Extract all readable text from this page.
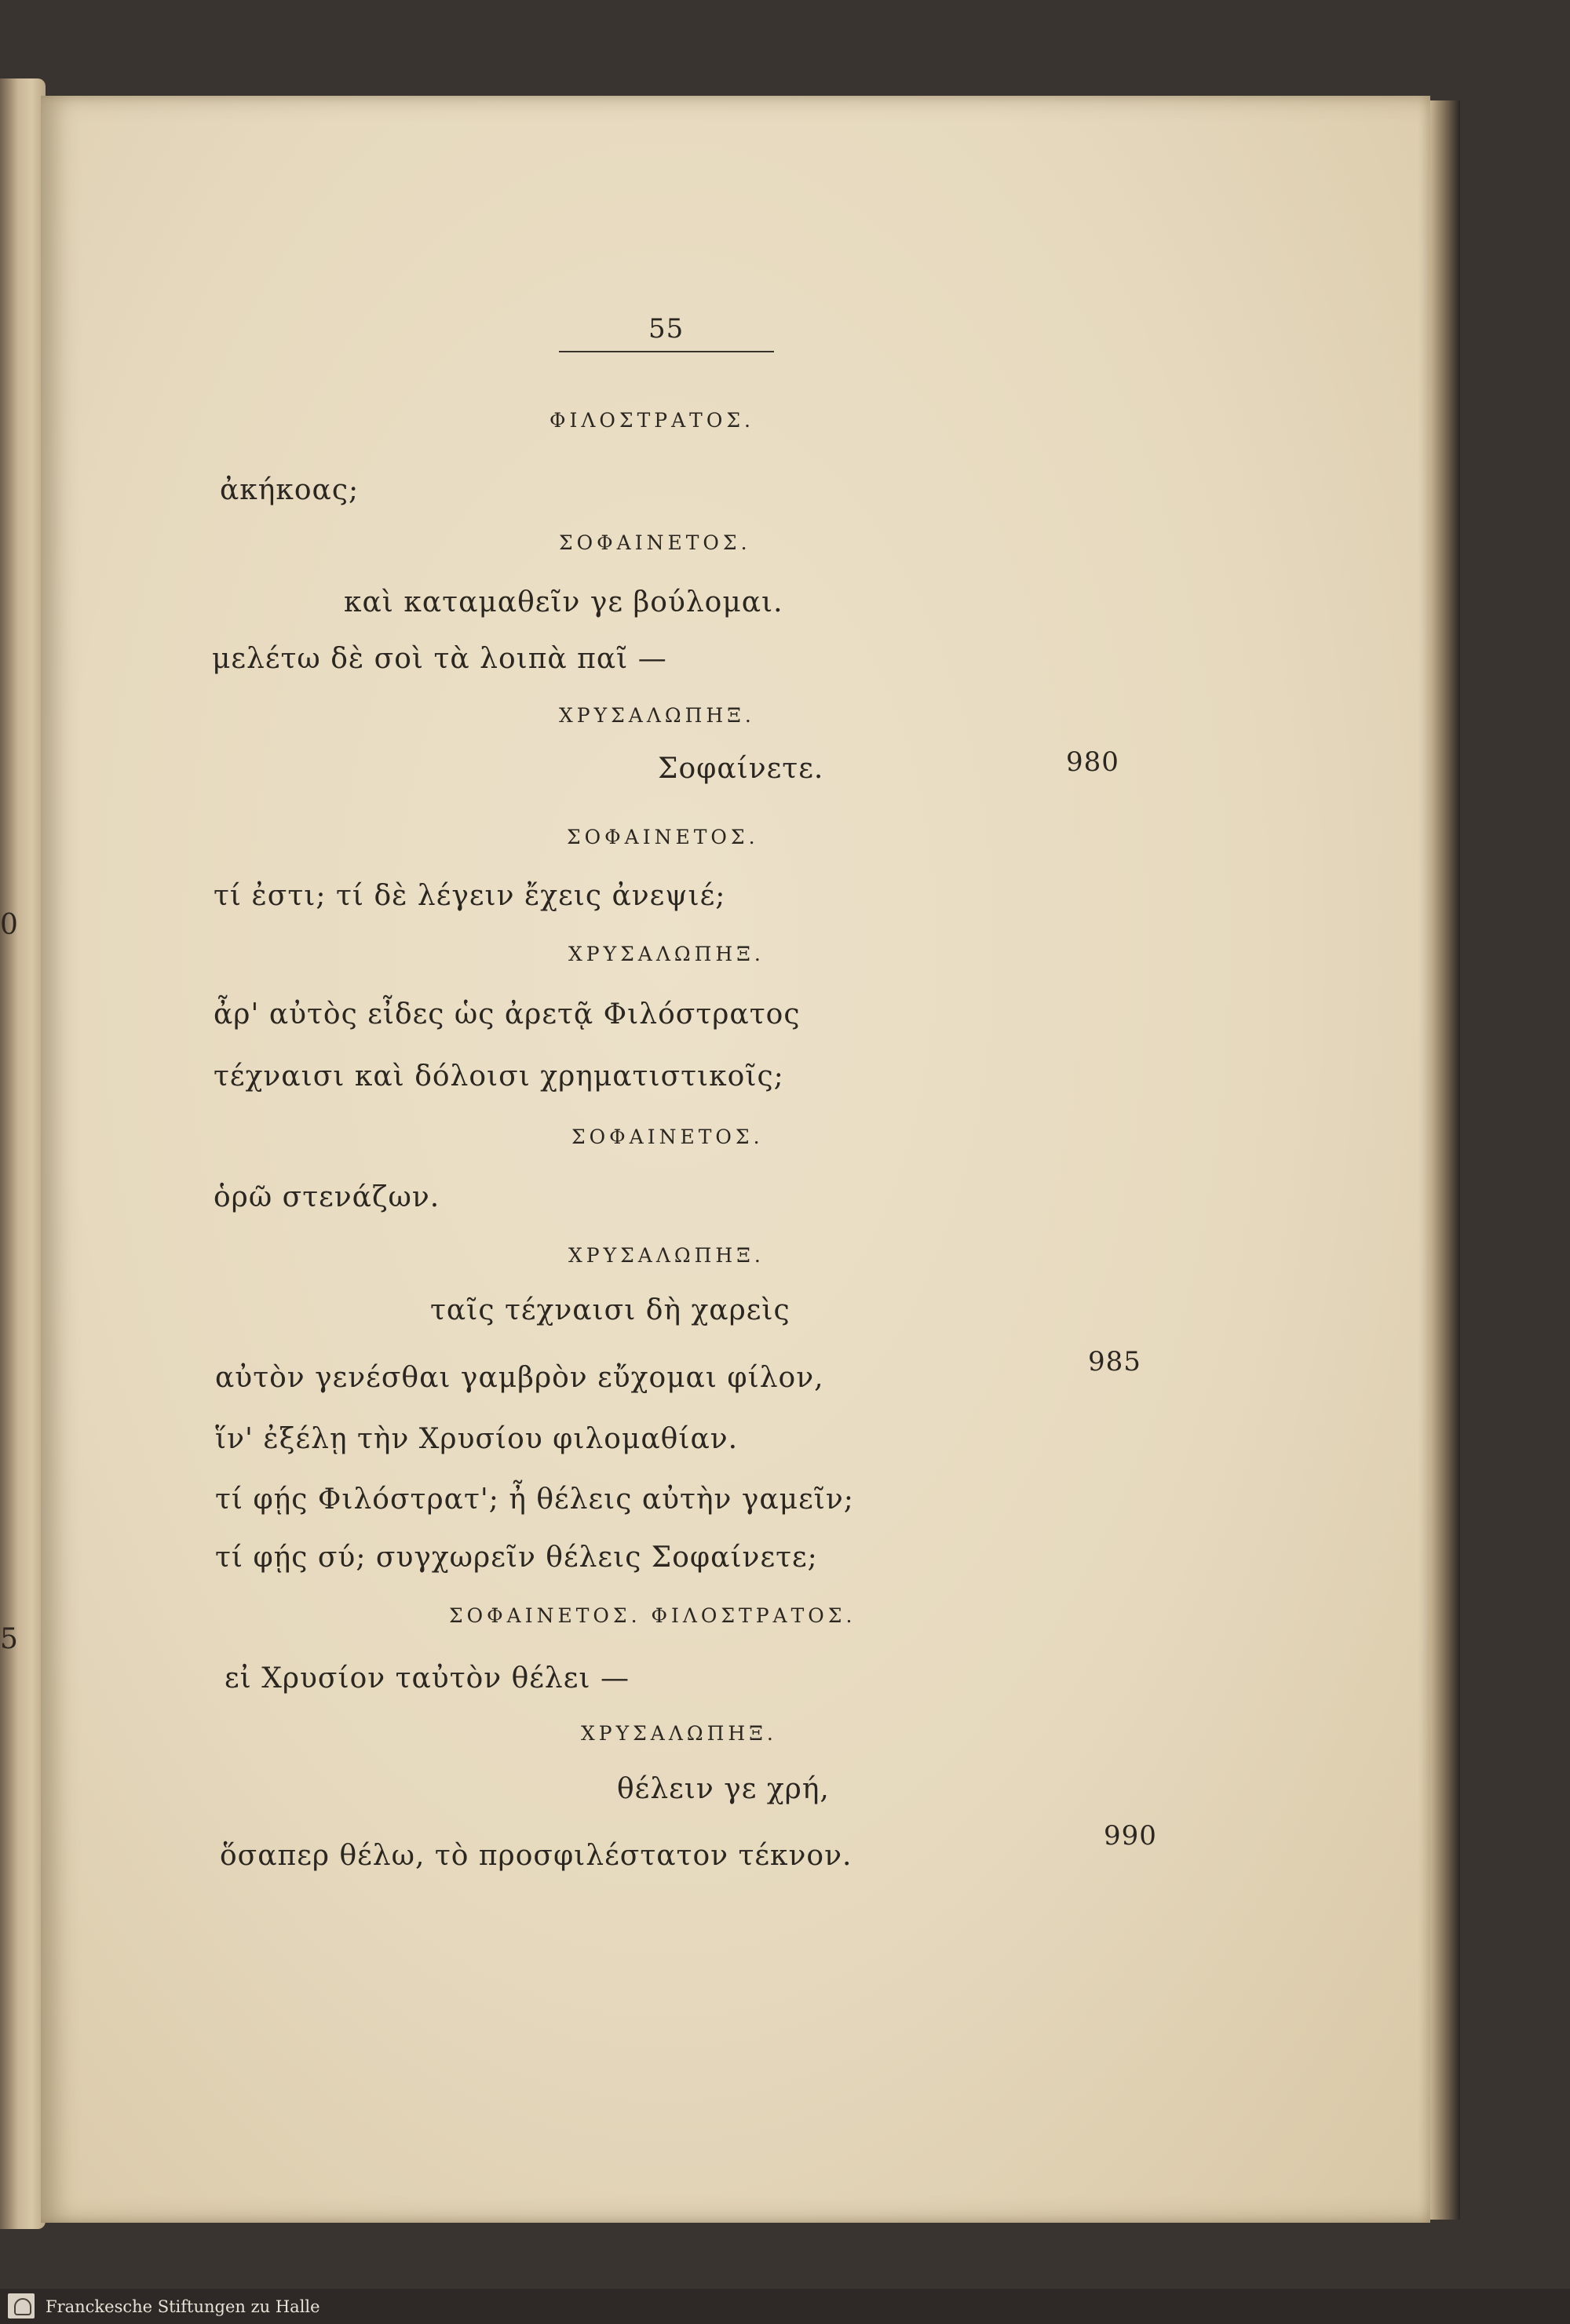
0
5
55
ΦΙΛΟΣΤΡΑΤΟΣ.
ἀκήκοας;
ΣΟΦΑΙΝΕΤΟΣ.
καὶ καταμαθεῖν γε βούλομαι.
μελέτω δὲ σοὶ τὰ λοιπὰ παῖ —
ΧΡΥΣΑΛΩΠΗΞ.
Σοφαίνετε.
ΣΟΦΑΙΝΕΤΟΣ.
τί ἐστι; τί δὲ λέγειν ἔχεις ἀνεψιέ;
ΧΡΥΣΑΛΩΠΗΞ.
ἆρ' αὐτὸς εἶδες ὡς ἀρετᾷ Φιλόστρατος
τέχναισι καὶ δόλοισι χρηματιστικοῖς;
ΣΟΦΑΙΝΕΤΟΣ.
ὁρῶ στενάζων.
ΧΡΥΣΑΛΩΠΗΞ.
ταῖς τέχναισι δὴ χαρεὶς
αὐτὸν γενέσθαι γαμβρὸν εὔχομαι φίλον,
ἵν' ἐξέλῃ τὴν Χρυσίου φιλομαθίαν.
τί φῄς Φιλόστρατ'; ἦ θέλεις αὐτὴν γαμεῖν;
τί φῄς σύ; συγχωρεῖν θέλεις Σοφαίνετε;
ΣΟΦΑΙΝΕΤΟΣ. ΦΙΛΟΣΤΡΑΤΟΣ.
εἰ Χρυσίον ταὐτὸν θέλει —
ΧΡΥΣΑΛΩΠΗΞ.
θέλειν γε χρή,
ὅσαπερ θέλω, τὸ προσφιλέστατον τέκνον.
980
985
990
Franckesche Stiftungen zu Halle
